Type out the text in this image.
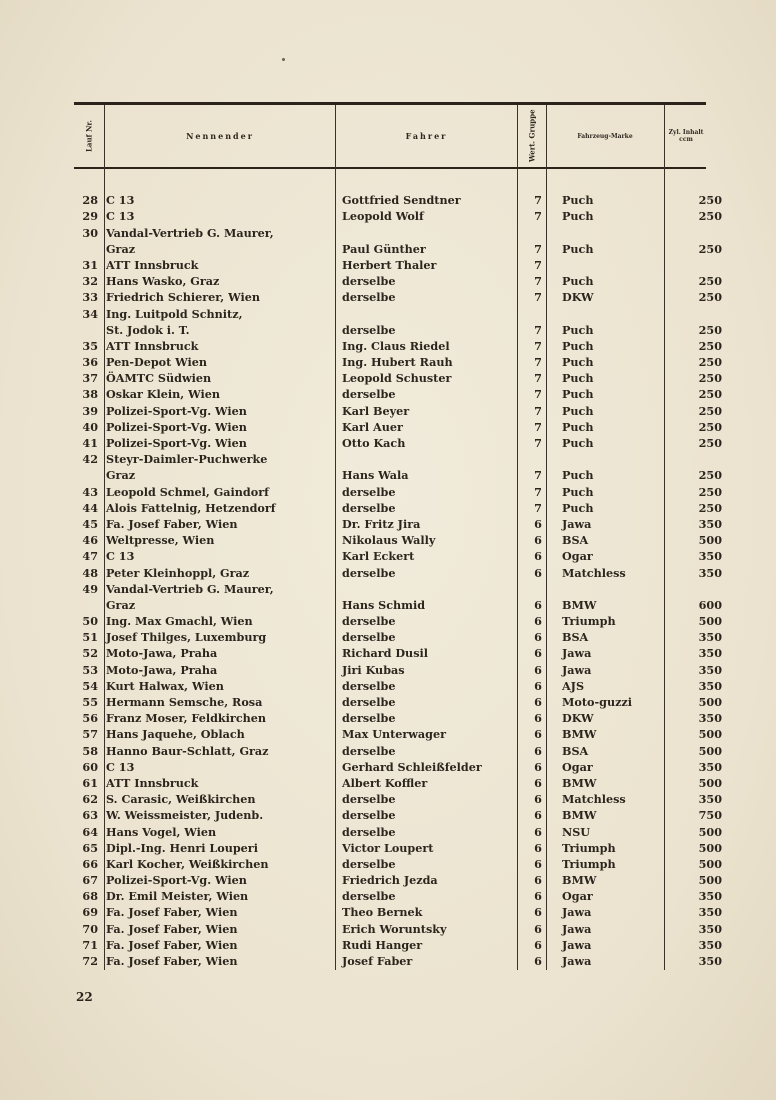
Lauf Nr.	Nennender	Fahrer	Wert. Gruppe	Fahrzeug-Marke	Zyl. Inhalt ccm
28	C 13	Gottfried Sendtner	7	Puch	250
29	C 13	Leopold Wolf	7	Puch	250
30	Vandal-Vertrieb G. Maurer,				
	Graz	Paul Günther	7	Puch	250
31	ATT Innsbruck	Herbert Thaler	7		
32	Hans Wasko, Graz	derselbe	7	Puch	250
33	Friedrich Schierer, Wien	derselbe	7	DKW	250
34	Ing. Luitpold Schnitz,				
	St. Jodok i. T.	derselbe	7	Puch	250
35	ATT Innsbruck	Ing. Claus Riedel	7	Puch	250
36	Pen-Depot Wien	Ing. Hubert Rauh	7	Puch	250
37	ÖAMTC Südwien	Leopold Schuster	7	Puch	250
38	Oskar Klein, Wien	derselbe	7	Puch	250
39	Polizei-Sport-Vg. Wien	Karl Beyer	7	Puch	250
40	Polizei-Sport-Vg. Wien	Karl Auer	7	Puch	250
41	Polizei-Sport-Vg. Wien	Otto Kach	7	Puch	250
42	Steyr-Daimler-Puchwerke				
	Graz	Hans Wala	7	Puch	250
43	Leopold Schmel, Gaindorf	derselbe	7	Puch	250
44	Alois Fattelnig, Hetzendorf	derselbe	7	Puch	250
45	Fa. Josef Faber, Wien	Dr. Fritz Jira	6	Jawa	350
46	Weltpresse, Wien	Nikolaus Wally	6	BSA	500
47	C 13	Karl Eckert	6	Ogar	350
48	Peter Kleinhoppl, Graz	derselbe	6	Matchless	350
49	Vandal-Vertrieb G. Maurer,				
	Graz	Hans Schmid	6	BMW	600
50	Ing. Max Gmachl, Wien	derselbe	6	Triumph	500
51	Josef Thilges, Luxemburg	derselbe	6	BSA	350
52	Moto-Jawa, Praha	Richard Dusil	6	Jawa	350
53	Moto-Jawa, Praha	Jiri Kubas	6	Jawa	350
54	Kurt Halwax, Wien	derselbe	6	AJS	350
55	Hermann Semsche, Rosa	derselbe	6	Moto-guzzi	500
56	Franz Moser, Feldkirchen	derselbe	6	DKW	350
57	Hans Jaquehe, Oblach	Max Unterwager	6	BMW	500
58	Hanno Baur-Schlatt, Graz	derselbe	6	BSA	500
60	C 13	Gerhard Schleißfelder	6	Ogar	350
61	ATT Innsbruck	Albert Koffler	6	BMW	500
62	S. Carasic, Weißkirchen	derselbe	6	Matchless	350
63	W. Weissmeister, Judenb.	derselbe	6	BMW	750
64	Hans Vogel, Wien	derselbe	6	NSU	500
65	Dipl.-Ing. Henri Louperi	Victor Loupert	6	Triumph	500
66	Karl Kocher, Weißkirchen	derselbe	6	Triumph	500
67	Polizei-Sport-Vg. Wien	Friedrich Jezda	6	BMW	500
68	Dr. Emil Meister, Wien	derselbe	6	Ogar	350
69	Fa. Josef Faber, Wien	Theo Bernek	6	Jawa	350
70	Fa. Josef Faber, Wien	Erich Woruntsky	6	Jawa	350
71	Fa. Josef Faber, Wien	Rudi Hanger	6	Jawa	350
72	Fa. Josef Faber, Wien	Josef Faber	6	Jawa	350
22
